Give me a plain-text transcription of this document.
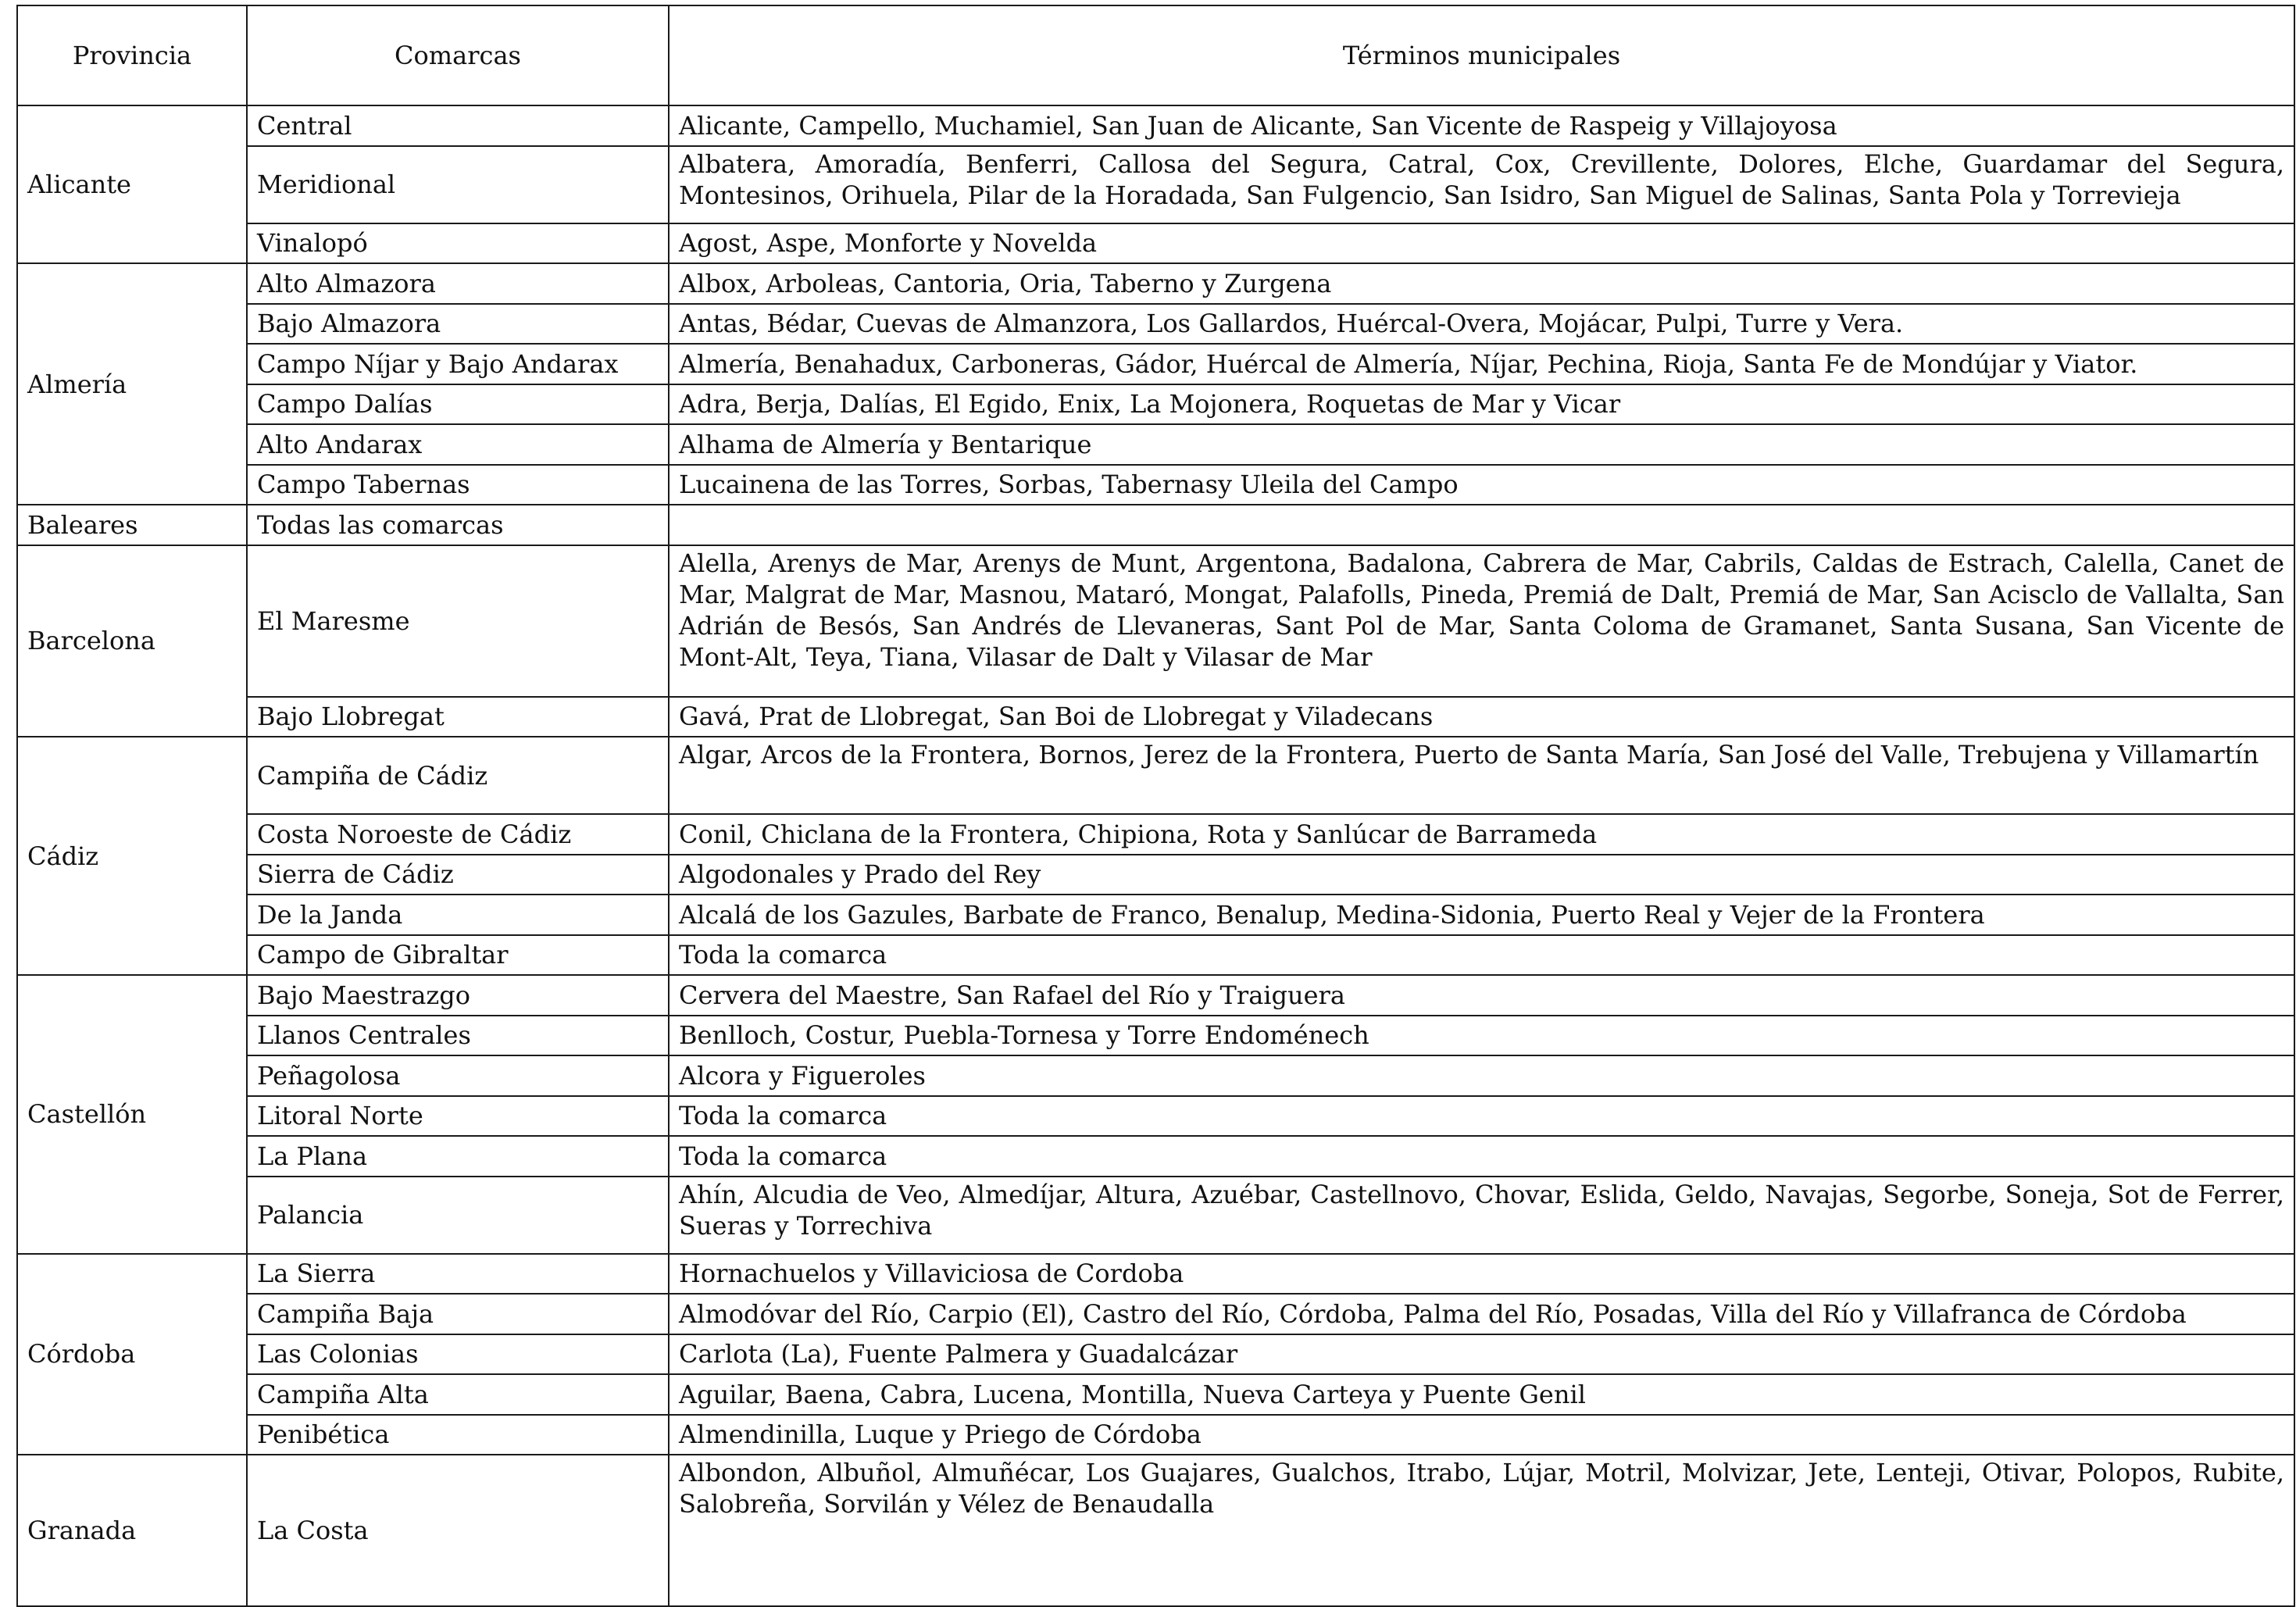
Provincia	Comarcas	Términos municipales
Alicante	Central	Alicante, Campello, Muchamiel, San Juan de Alicante, San Vicente de Raspeig y Villajoyosa
	Meridional	Albatera, Amoradía, Benferri, Callosa del Segura, Catral, Cox, Crevillente, Dolores, Elche, Guardamar del Segura, Montesinos, Orihuela, Pilar de la Horadada, San Fulgencio, San Isidro, San Miguel de Salinas, Santa Pola y Torrevieja
	Vinalopó	Agost, Aspe, Monforte y Novelda
Almería	Alto Almazora	Albox, Arboleas, Cantoria, Oria, Taberno y Zurgena
	Bajo Almazora	Antas, Bédar, Cuevas de Almanzora, Los Gallardos, Huércal-Overa, Mojácar, Pulpi, Turre y Vera.
	Campo Níjar y Bajo Andarax	Almería, Benahadux, Carboneras, Gádor, Huércal de Almería, Níjar, Pechina, Rioja, Santa Fe de Mondújar y Viator.
	Campo Dalías	Adra, Berja, Dalías, El Egido, Enix, La Mojonera, Roquetas de Mar y Vicar
	Alto Andarax	Alhama de Almería y Bentarique
	Campo Tabernas	Lucainena de las Torres, Sorbas, Tabernasy Uleila del Campo
Baleares	Todas las comarcas	
Barcelona	El Maresme	Alella, Arenys de Mar, Arenys de Munt, Argentona, Badalona, Cabrera de Mar, Cabrils, Caldas de Estrach, Calella, Canet de Mar, Malgrat de Mar, Masnou, Mataró, Mongat, Palafolls, Pineda, Premiá de Dalt, Premiá de Mar, San Acisclo de Vallalta, San Adrián de Besós, San Andrés de Llevaneras, Sant Pol de Mar, Santa Coloma de Gramanet, Santa Susana, San Vicente de Mont-Alt, Teya, Tiana, Vilasar de Dalt y Vilasar de Mar
	Bajo Llobregat	Gavá, Prat de Llobregat, San Boi de Llobregat y Viladecans
Cádiz	Campiña de Cádiz	Algar, Arcos de la Frontera, Bornos, Jerez de la Frontera, Puerto de Santa María, San José del Valle, Trebujena y Villamartín
	Costa Noroeste de Cádiz	Conil, Chiclana de la Frontera, Chipiona, Rota y Sanlúcar de Barrameda
	Sierra de Cádiz	Algodonales y Prado del Rey
	De la Janda	Alcalá de los Gazules, Barbate de Franco, Benalup, Medina-Sidonia, Puerto Real y Vejer de la Frontera
	Campo de Gibraltar	Toda la comarca
Castellón	Bajo Maestrazgo	Cervera del Maestre, San Rafael del Río y Traiguera
	Llanos Centrales	Benlloch, Costur, Puebla-Tornesa y Torre Endoménech
	Peñagolosa	Alcora y Figueroles
	Litoral Norte	Toda la comarca
	La Plana	Toda la comarca
	Palancia	Ahín, Alcudia de Veo, Almedíjar, Altura, Azuébar, Castellnovo, Chovar, Eslida, Geldo, Navajas, Segorbe, Soneja, Sot de Ferrer, Sueras y Torrechiva
Córdoba	La Sierra	Hornachuelos y Villaviciosa de Cordoba
	Campiña Baja	Almodóvar del Río, Carpio (El), Castro del Río, Córdoba, Palma del Río, Posadas, Villa del Río y Villafranca de Córdoba
	Las Colonias	Carlota (La), Fuente Palmera y Guadalcázar
	Campiña Alta	Aguilar, Baena, Cabra, Lucena, Montilla, Nueva Carteya y Puente Genil
	Penibética	Almendinilla, Luque y Priego de Córdoba
Granada	La Costa	Albondon, Albuñol, Almuñécar, Los Guajares, Gualchos, Itrabo, Lújar, Motril, Molvizar, Jete, Lenteji, Otivar, Polopos, Rubite, Salobreña, Sorvilán y Vélez de Benaudalla
